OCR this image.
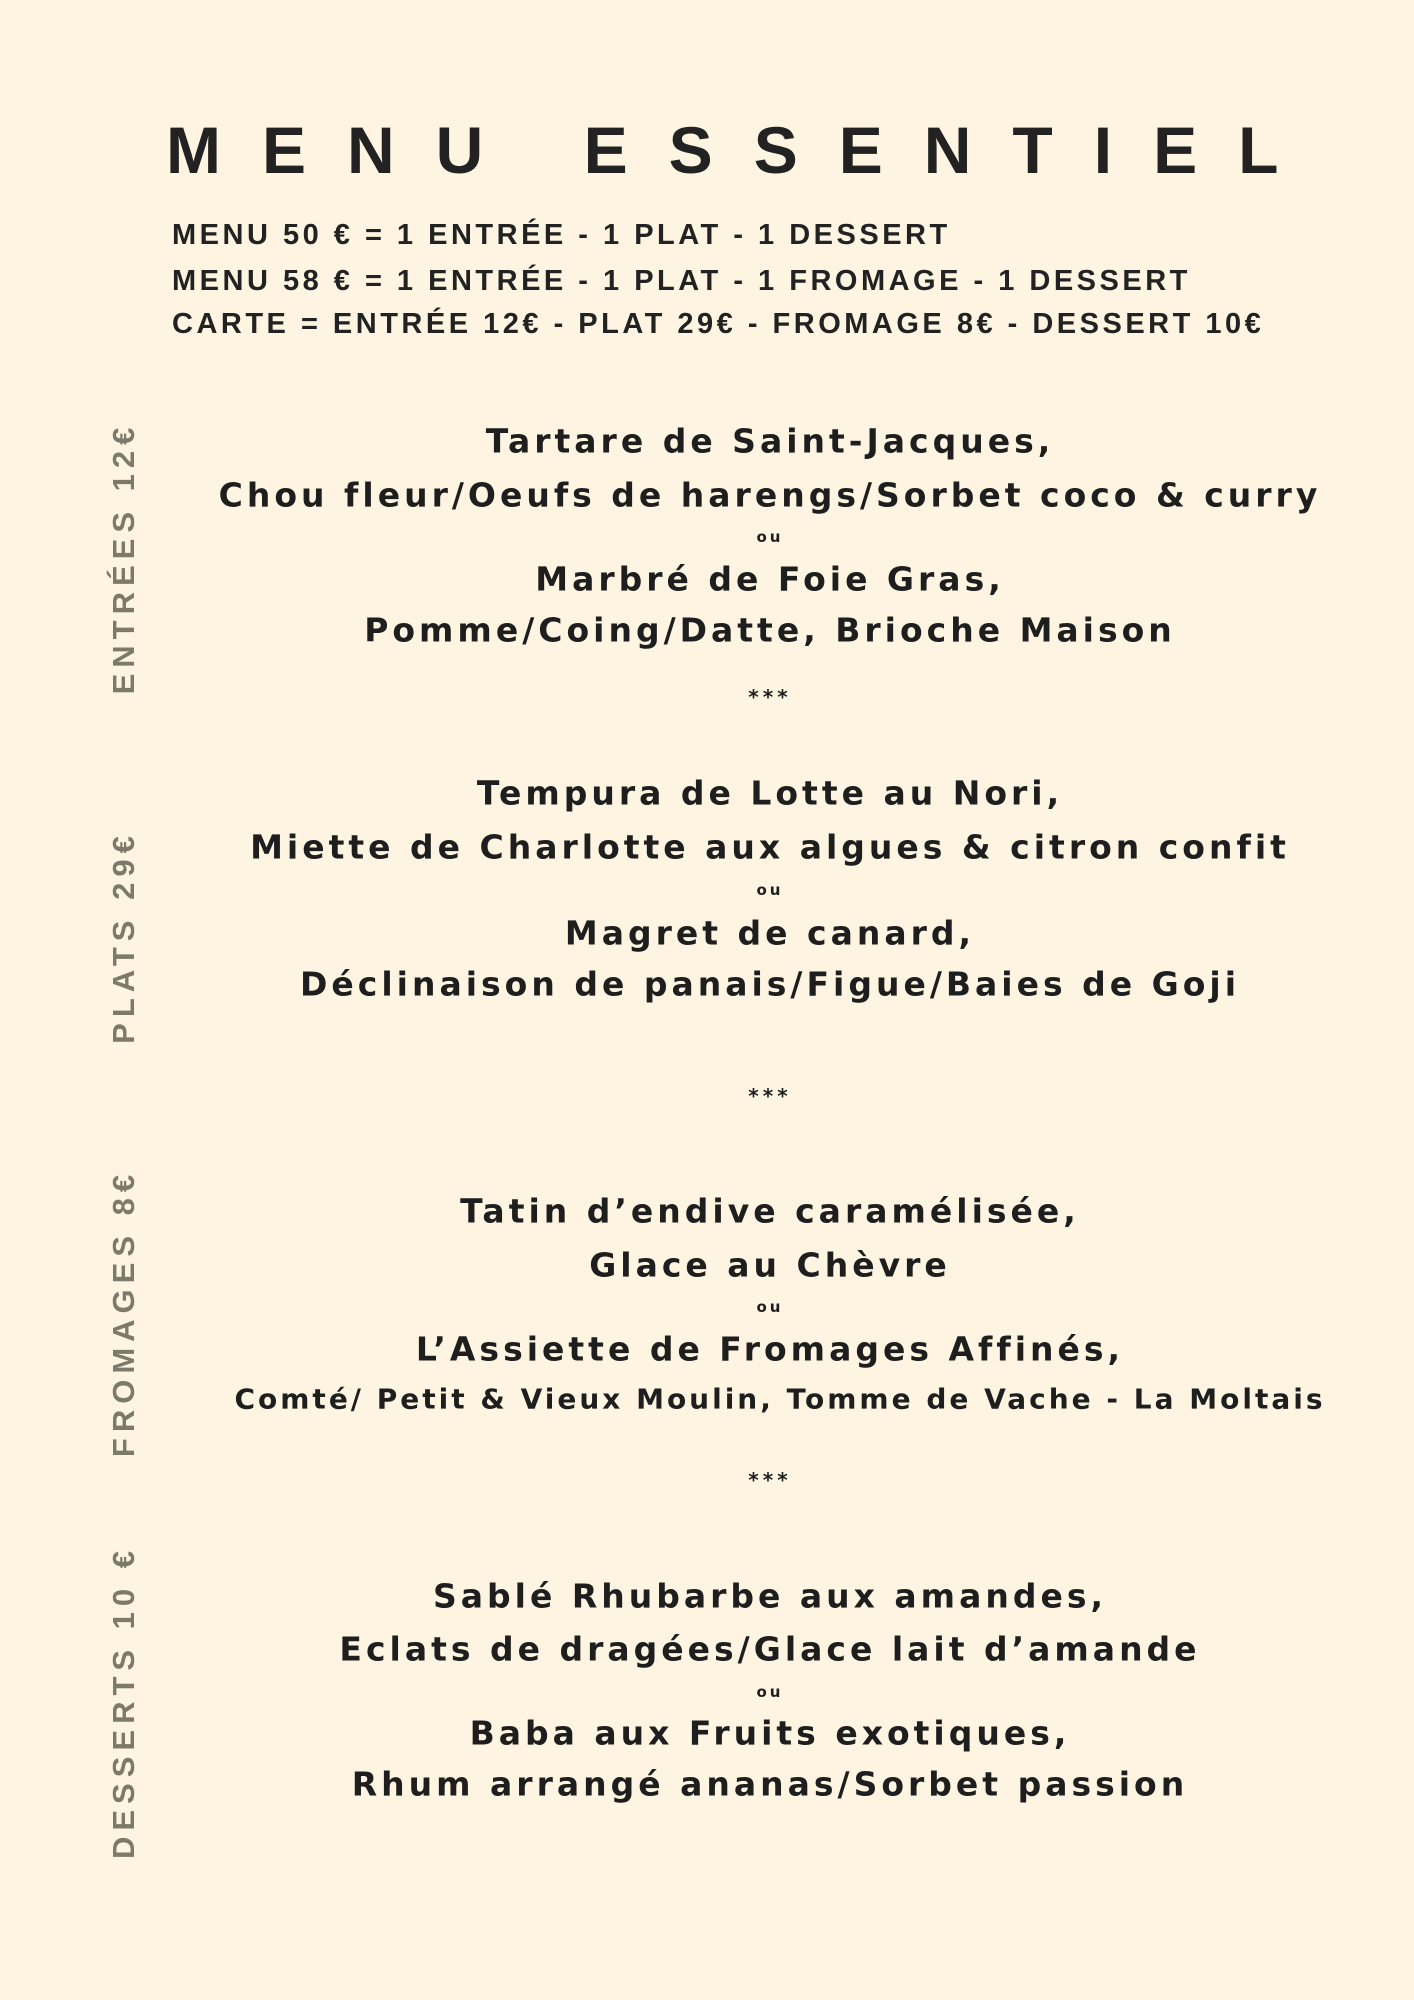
MENU ESSENTIEL
MENU 50 € = 1 ENTRÉE - 1 PLAT - 1 DESSERT
MENU 58 € = 1 ENTRÉE - 1 PLAT - 1 FROMAGE - 1 DESSERT
CARTE = ENTRÉE 12€ - PLAT 29€ - FROMAGE 8€ - DESSERT 10€
ENTRÉES 12€
PLATS 29€
FROMAGES 8€
DESSERTS 10 €
Tartare de Saint-Jacques,
Chou fleur/Oeufs de harengs/Sorbet coco & curry
ou
Marbré de Foie Gras,
Pomme/Coing/Datte, Brioche Maison
***
Tempura de Lotte au Nori,
Miette de Charlotte aux algues & citron confit
ou
Magret de canard,
Déclinaison de panais/Figue/Baies de Goji
***
Tatin d’endive caramélisée,
Glace au Chèvre
ou
L’Assiette de Fromages Affinés,
Comté/ Petit & Vieux Moulin, Tomme de Vache - La Moltais
***
Sablé Rhubarbe aux amandes,
Eclats de dragées/Glace lait d’amande
ou
Baba aux Fruits exotiques,
Rhum arrangé ananas/Sorbet passion
